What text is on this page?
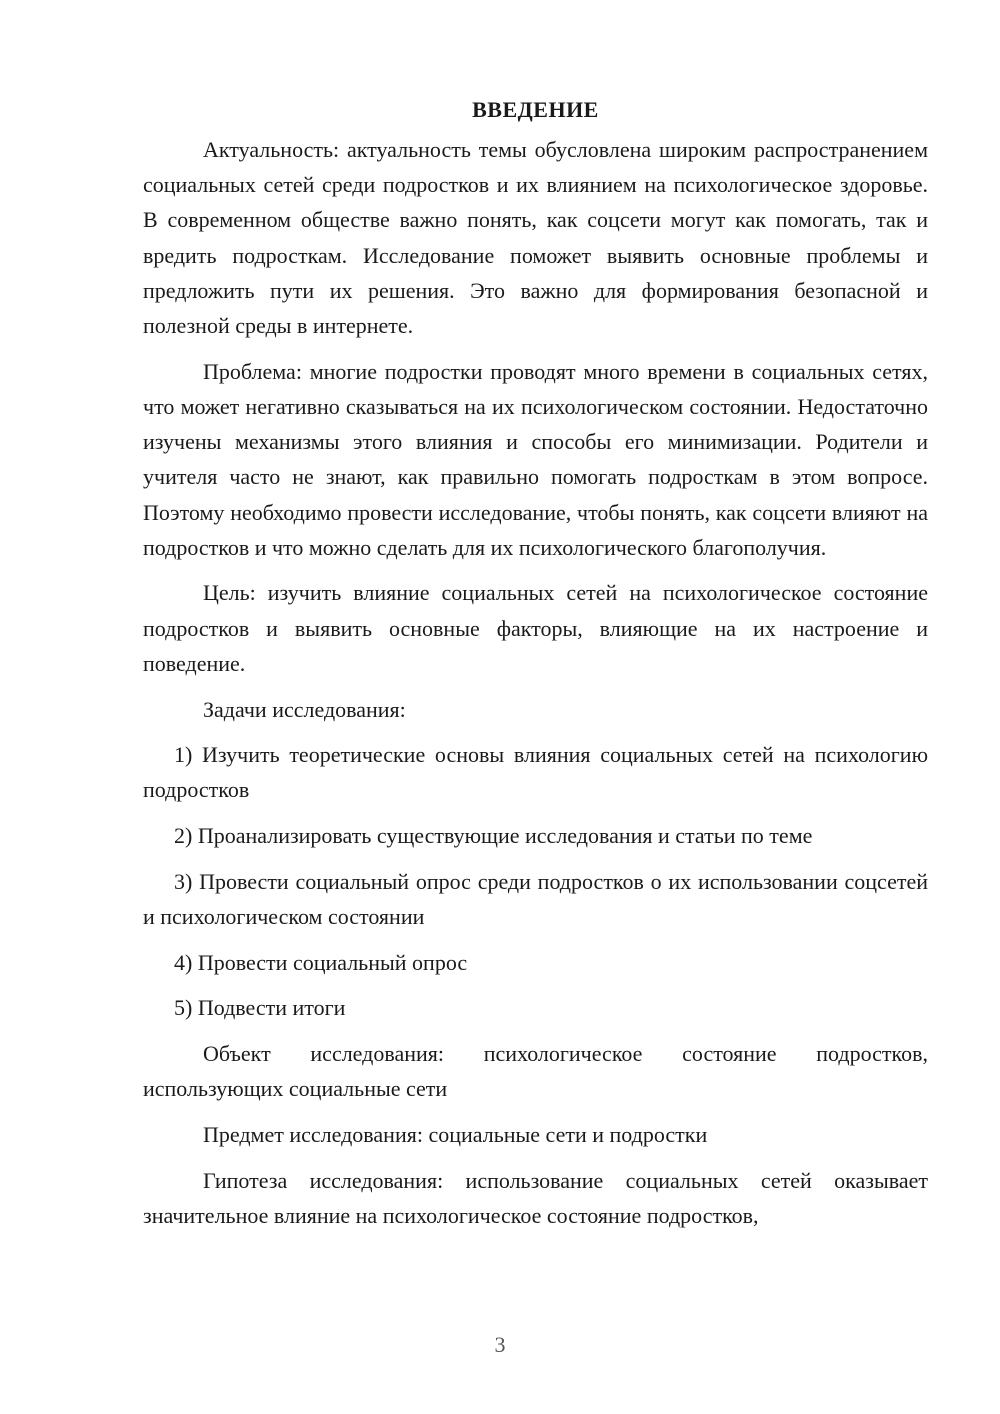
ВВЕДЕНИЕ

Актуальность: актуальность темы обусловлена широким распространением социальных сетей среди подростков и их влиянием на психологическое здоровье. В современном обществе важно понять, как соцсети могут как помогать, так и вредить подросткам. Исследование поможет выявить основные проблемы и предложить пути их решения. Это важно для формирования безопасной и полезной среды в интернете.

Проблема: многие подростки проводят много времени в социальных сетях, что может негативно сказываться на их психологическом состоянии. Недостаточно изучены механизмы этого влияния и способы его минимизации. Родители и учителя часто не знают, как правильно помогать подросткам в этом вопросе. Поэтому необходимо провести исследование, чтобы понять, как соцсети влияют на подростков и что можно сделать для их психологического благополучия.

Цель: изучить влияние социальных сетей на психологическое состояние подростков и выявить основные факторы, влияющие на их настроение и поведение.

Задачи исследования:

1) Изучить теоретические основы влияния социальных сетей на психологию подростков

2) Проанализировать существующие исследования и статьи по теме

3) Провести социальный опрос среди подростков о их использовании соцсетей и психологическом состоянии

4) Провести социальный опрос

5) Подвести итоги

Объект исследования: психологическое состояние подростков, использующих социальные сети

Предмет исследования: социальные сети и подростки

Гипотеза исследования: использование социальных сетей оказывает значительное влияние на психологическое состояние подростков,

3
